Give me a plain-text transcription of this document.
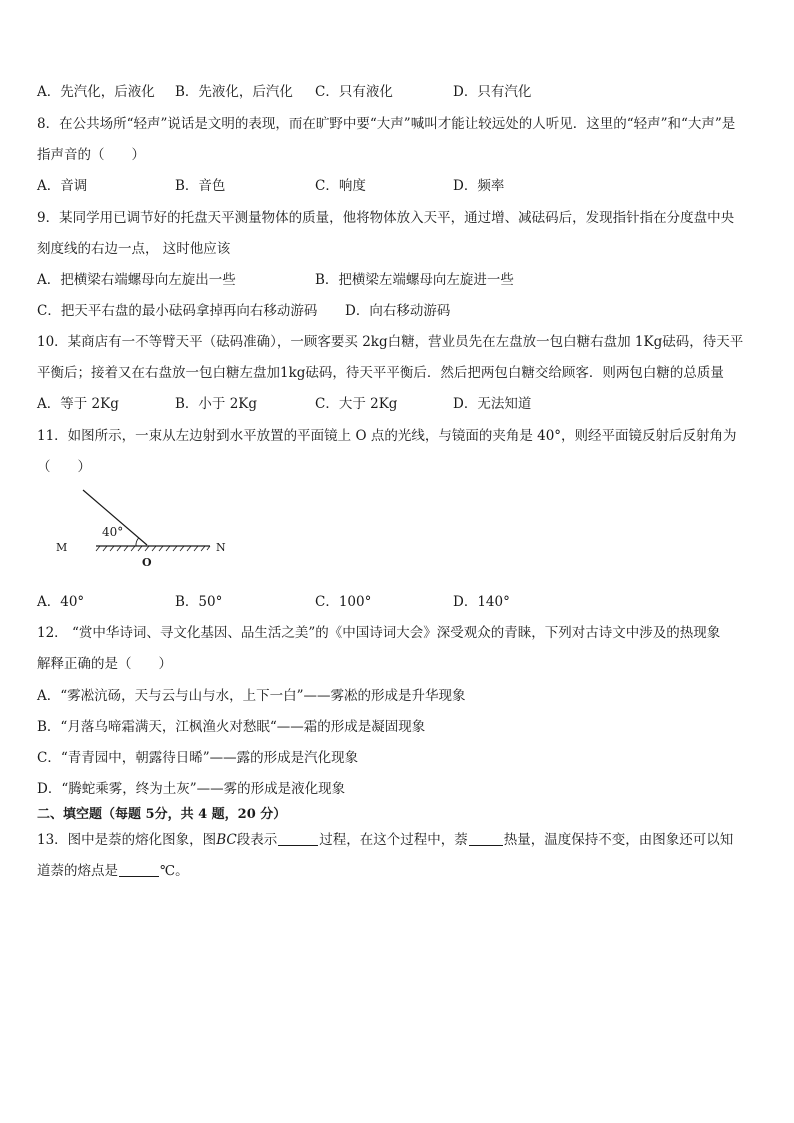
A．先汽化，后液化 B．先液化，后汽化 C．只有液化	D．只有汽化
8．在公共场所“轻声”说话是文明的表现，而在旷野中要“大声”喊叫才能让较远处的人听见．这里的“轻声”和“大声”是
指声音的（　　）
A．音调	B．音色	C．响度	D．频率
9．某同学用已调节好的托盘天平测量物体的质量，他将物体放入天平，通过增、减砝码后，发现指针指在分度盘中央
刻度线的右边一点， 这时他应该
A．把横梁右端螺母向左旋出一些	B．把横梁左端螺母向左旋进一些
C．把天平右盘的最小砝码拿掉再向右移动游码 D．向右移动游码
10．某商店有一不等臂天平（砝码准确），一顾客要买 2kg白糖，营业员先在左盘放一包白糖右盘加 1Kg砝码，待天平
平衡后；接着又在右盘放一包白糖左盘加1kg砝码，待天平平衡后．然后把两包白糖交给顾客．则两包白糖的总质量
A．等于 2Kg	B．小于 2Kg	C．大于 2Kg	D．无法知道
11．如图所示，一束从左边射到水平放置的平面镜上 O 点的光线，与镜面的夹角是 40°，则经平面镜反射后反射角为
（　　）
40°
M	N
O
A．40°	B．50°	C．100°	D．140°
12． “赏中华诗词、寻文化基因、品生活之美”的《中国诗词大会》深受观众的青睐，下列对古诗文中涉及的热现象
解释正确的是（　　）
A．“雾凇沆砀，天与云与山与水，上下一白”——雾凇的形成是升华现象
B．“月落乌啼霜满天，江枫渔火对愁眠“——霜的形成是凝固现象
C．“青青园中，朝露待日晞”——露的形成是汽化现象
D．“腾蛇乘雾，终为土灰”——雾的形成是液化现象
二、填空题（每题 5分，共 4 题，20 分）
13．图中是萘的熔化图象，图BC段表示	过程，在这个过程中，萘	热量，温度保持不变，由图象还可以知
道萘的熔点是	℃。
